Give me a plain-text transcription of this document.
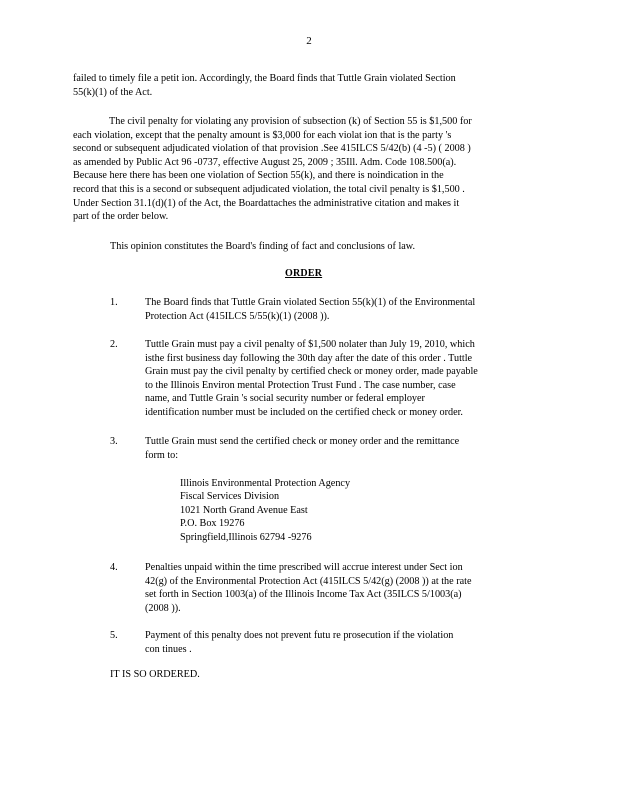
2
failed to timely file a petit ion. Accordingly, the Board finds that Tuttle Grain violated Section
55(k)(1) of the Act.
The civil penalty for violating any provision of subsection (k) of Section 55 is $1,500 for
each violation, except that the penalty amount is $3,000 for each violat ion that is the party 's
second or subsequent adjudicated violation of that provision .See 415ILCS 5/42(b) (4 -5) ( 2008 )
as amended by Public Act 96 -0737, effective August 25, 2009 ; 35Ill. Adm. Code 108.500(a).
Because here there has been one violation of Section 55(k), and there is noindication in the
record that this is a second or subsequent adjudicated violation, the total civil penalty is $1,500 .
Under Section 31.1(d)(1) of the Act, the Boardattaches the administrative citation and makes it
part of the order below.
This opinion constitutes the Board's finding of fact and conclusions of law.
ORDER
1.	The Board finds that Tuttle Grain violated Section 55(k)(1) of the Environmental
Protection Act (415ILCS 5/55(k)(1) (2008 )).
2.	Tuttle Grain must pay a civil penalty of $1,500 nolater than July 19, 2010, which
isthe first business day following the 30th day after the date of this order . Tuttle
Grain must pay the civil penalty by certified check or money order, made payable
to the Illinois Environ mental Protection Trust Fund . The case number, case
name, and Tuttle Grain 's social security number or federal employer
identification number must be included on the certified check or money order.
3.	Tuttle Grain must send the certified check or money order and the remittance
form to:
Illinois Environmental Protection Agency
Fiscal Services Division
1021 North Grand Avenue East
P.O. Box 19276
Springfield,Illinois 62794 -9276
4.	Penalties unpaid within the time prescribed will accrue interest under Sect ion
42(g) of the Environmental Protection Act (415ILCS 5/42(g) (2008 )) at the rate
set forth in Section 1003(a) of the Illinois Income Tax Act (35ILCS 5/1003(a)
(2008 )).
5.	Payment of this penalty does not prevent futu re prosecution if the violation
con tinues .
IT IS SO ORDERED.
